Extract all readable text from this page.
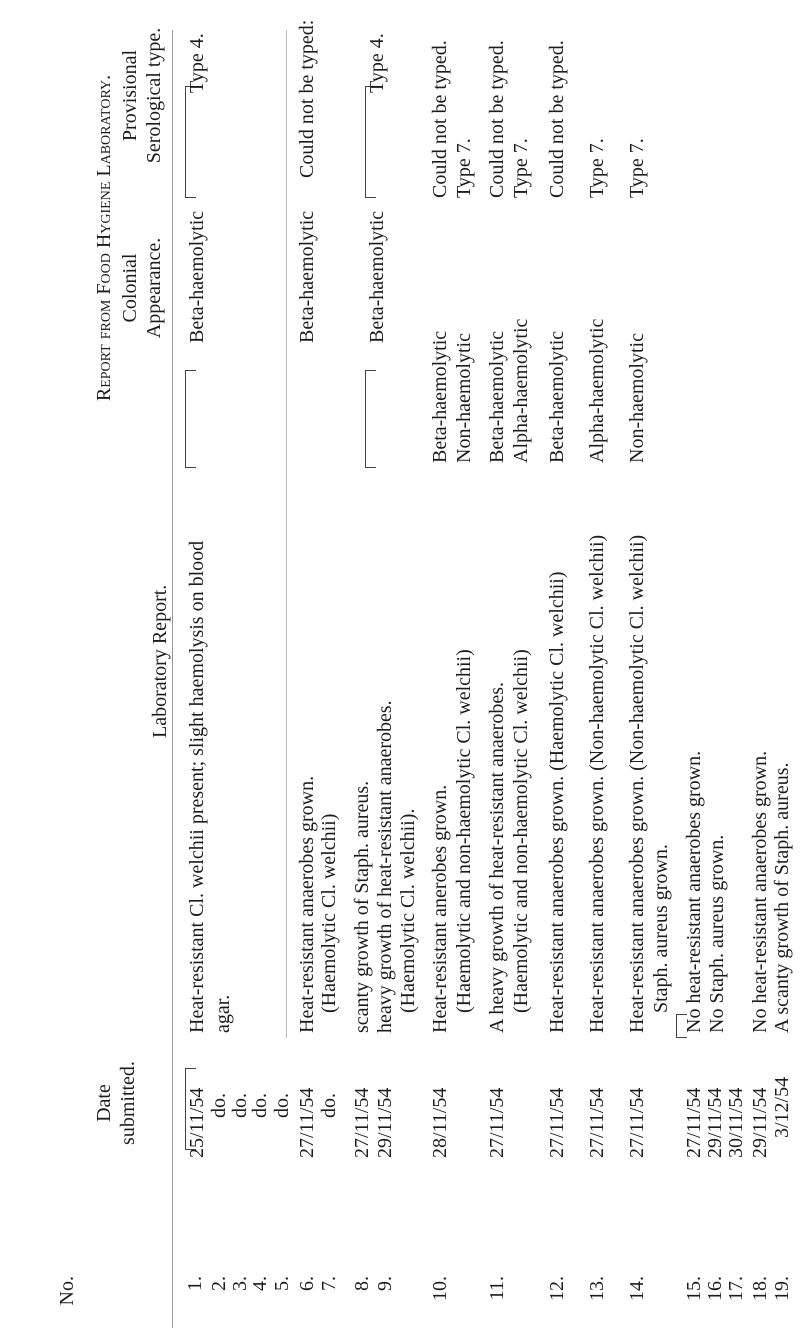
No.
Date submitted.
Laboratory Report.
Report from Food Hygiene Laboratory. Colonial Appearance.
Provisional Serological type.
1. 2. 3.
4. 5.
25/11/54 do. do.
do. do.
Heat-resistant Cl. welchii present; slight haemolysis on blood agar.
Beta-haemolytic
Type 4.
6. 7.
27/11/54 do.
Heat-resistant anaerobes grown. (Haemolytic Cl. welchii)
Beta-haemolytic
Could not be typed:
8. 9.
27/11/54 29/11/54
scanty growth of Staph. aureus. heavy growth of heat-resistant anaerobes. (Haemolytic Cl. welchii).
Beta-haemolytic
Type 4.
10.
28/11/54
Heat-resistant anerobes grown. (Haemolytic and non-haemolytic Cl. welchii)
Beta-haemolytic Non-haemolytic
Could not be typed. Type 7.
11.
27/11/54
A heavy growth of heat-resistant anaerobes. (Haemolytic and non-haemolytic Cl. welchii)
Beta-haemolytic Alpha-haemolytic
Could not be typed. Type 7.
12.
27/11/54
Heat-resistant anaerobes grown. (Haemolytic Cl. welchii)
Beta-haemolytic
Could not be typed.
13.
27/11/54
Heat-resistant anaerobes grown. (Non-haemolytic Cl. welchii)
Alpha-haemolytic
Type 7.
14.
27/11/54
Heat-resistant anaerobes grown. (Non-haemolytic Cl. welchii) Staph. aureus grown.
Non-haemolytic
Type 7.
15. 16. 17.
27/11/54 29/11/54 30/11/54
No heat-resistant anaerobes grown. No Staph. aureus grown.
18. 19.
29/11/54 3/12/54
No heat-resistant anaerobes grown. A scanty growth of Staph. aureus.
